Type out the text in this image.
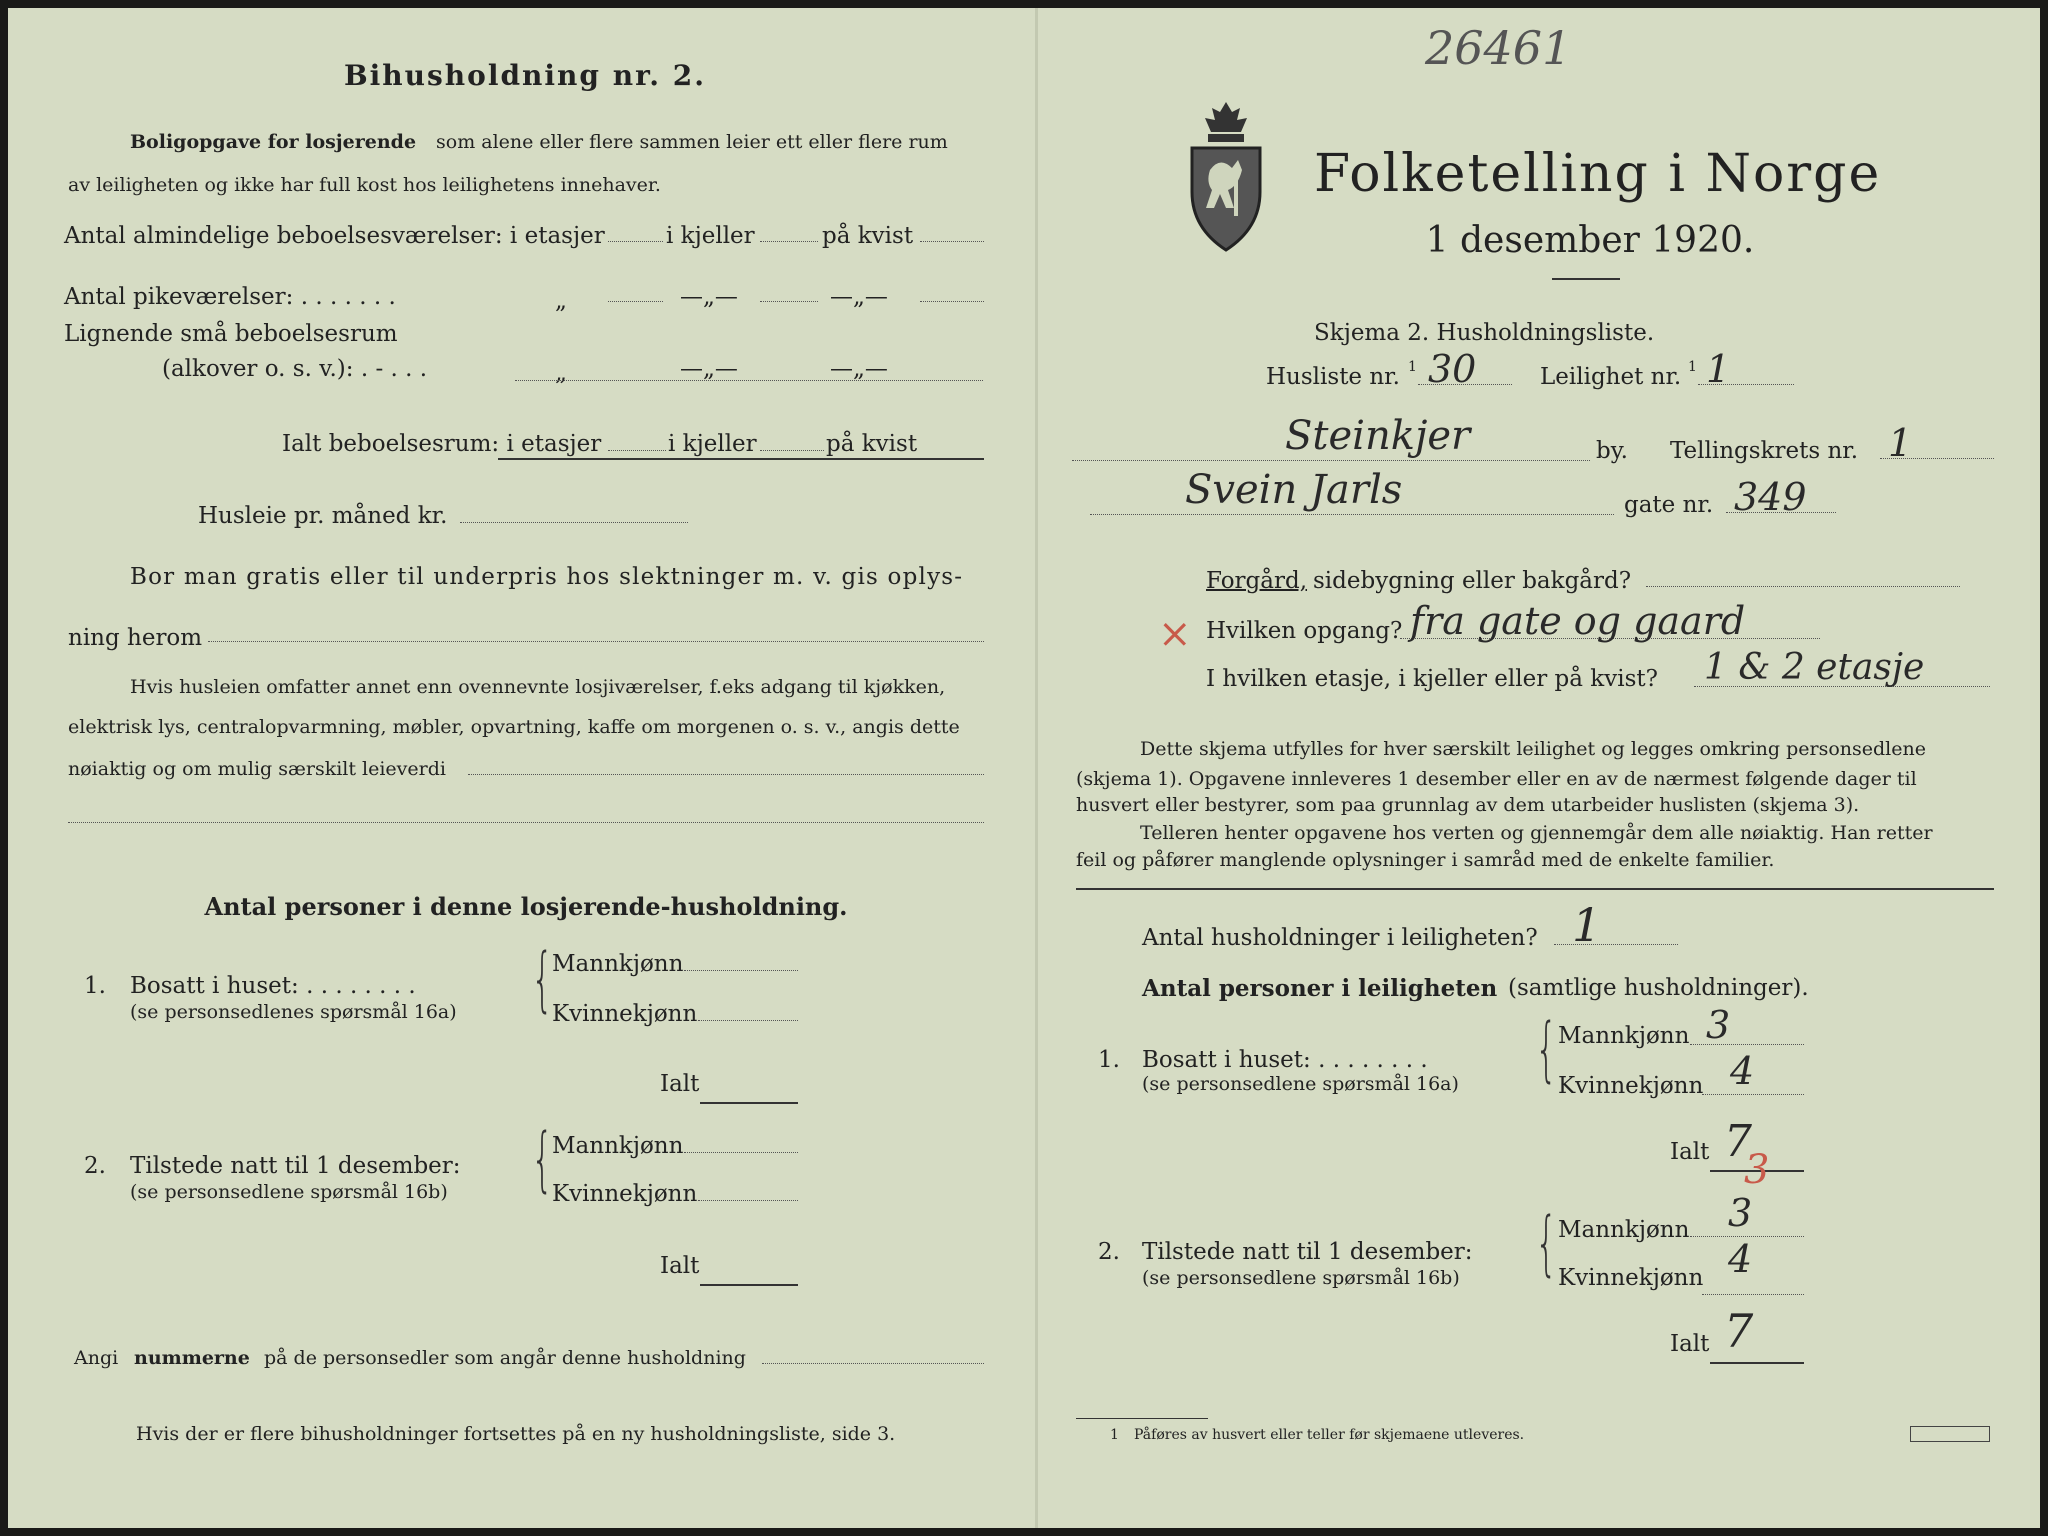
26461
Bihusholdning nr. 2.
Boligopgave for losjerende som alene eller flere sammen leier ett eller flere rum
av leiligheten og ikke har full kost hos leilighetens innehaver.
Antal almindelige beboelsesværelser: i etasjer	i kjeller	på kvist
Antal pikeværelser: . . . . . . .	„	—„—	—„—
Lignende små beboelsesrum
(alkover o. s. v.): . - . . .	„	—„—	—„—
Ialt beboelsesrum: i etasjer	i kjeller	på kvist
Husleie pr. måned kr.
Bor man gratis eller til underpris hos slektninger m. v. gis oplys-
ning herom
Hvis husleien omfatter annet enn ovennevnte losjiværelser, f.eks adgang til kjøkken,
elektrisk lys, centralopvarmning, møbler, opvartning, kaffe om morgenen o. s. v., angis dette
nøiaktig og om mulig særskilt leieverdi
Antal personer i denne losjerende-husholdning.
1. Bosatt i huset: . . . . . . . .
(se personsedlenes spørsmål 16a) {
Mannkjønn
Kvinnekjønn
Ialt
2. Tilstede natt til 1 desember:
(se personsedlene spørsmål 16b) {
Mannkjønn
Kvinnekjønn
Ialt
Angi nummerne på de personsedler som angår denne husholdning
Hvis der er flere bihusholdninger fortsettes på en ny husholdningsliste, side 3.
Folketelling i Norge
1 desember 1920.
Skjema 2. Husholdningsliste.
Husliste nr. 1 30	Leilighet nr. 1 1
Steinkjer	by. Tellingskrets nr. 1
Svein Jarls	gate nr. 349
Forgård, sidebygning eller bakgård?
× Hvilken opgang? fra gate og gaard
I hvilken etasje, i kjeller eller på kvist? 1 & 2 etasje
Dette skjema utfylles for hver særskilt leilighet og legges omkring personsedlene
(skjema 1). Opgavene innleveres 1 desember eller en av de nærmest følgende dager til
husvert eller bestyrer, som paa grunnlag av dem utarbeider huslisten (skjema 3).
Telleren henter opgavene hos verten og gjennemgår dem alle nøiaktig. Han retter
feil og påfører manglende oplysninger i samråd med de enkelte familier.
Antal husholdninger i leiligheten? 1
Antal personer i leiligheten (samtlige husholdninger).
1. Bosatt i huset: . . . . . . . .
(se personsedlene spørsmål 16a) { Mannkjønn 3
Kvinnekjønn 4
Ialt 7
3
2. Tilstede natt til 1 desember:
(se personsedlene spørsmål 16b) { Mannkjønn 3
Kvinnekjønn 4
Ialt 7
1 Påføres av husvert eller teller før skjemaene utleveres.
